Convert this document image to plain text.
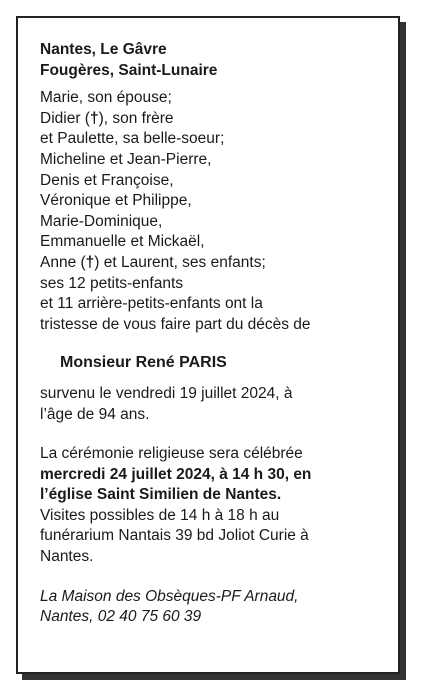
Nantes, Le Gâvre
Fougères, Saint-Lunaire
Marie, son épouse;
Didier (†), son frère
et Paulette, sa belle-soeur;
Micheline et Jean-Pierre,
Denis et Françoise,
Véronique et Philippe,
Marie-Dominique,
Emmanuelle et Mickaël,
Anne (†) et Laurent, ses enfants;
ses 12 petits-enfants
et 11 arrière-petits-enfants ont la
tristesse de vous faire part du décès de
Monsieur René PARIS
survenu le vendredi 19 juillet 2024, à
l’âge de 94 ans.
La cérémonie religieuse sera célébrée
mercredi 24 juillet 2024, à 14 h 30, en
l’église Saint Similien de Nantes.
Visites possibles de 14 h à 18 h au
funérarium Nantais 39 bd Joliot Curie à
Nantes.
La Maison des Obsèques-PF Arnaud,
Nantes, 02 40 75 60 39
